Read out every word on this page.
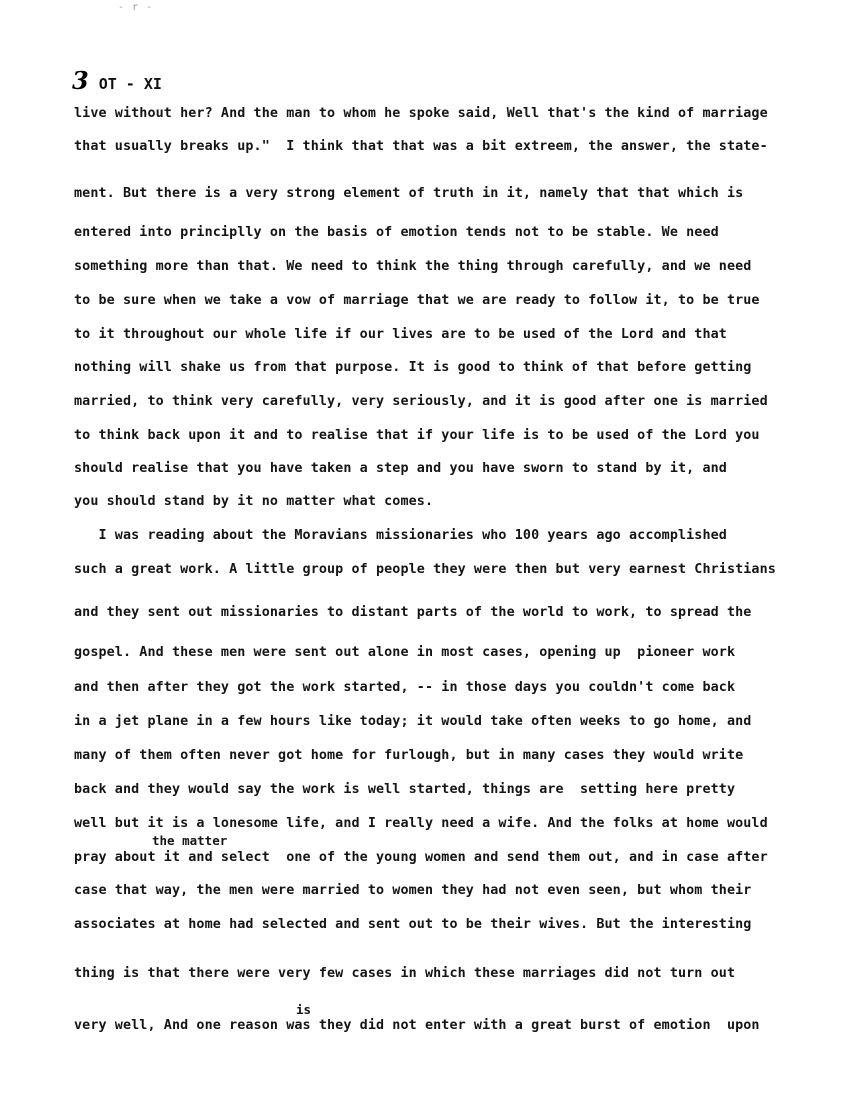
- r -
3 OT - XI
live without her? And the man to whom he spoke said, Well that's the kind of marriage
that usually breaks up."  I think that that was a bit extreem, the answer, the state-
ment. But there is a very strong element of truth in it, namely that that which is
entered into principlly on the basis of emotion tends not to be stable. We need
something more than that. We need to think the thing through carefully, and we need
to be sure when we take a vow of marriage that we are ready to follow it, to be true
to it throughout our whole life if our lives are to be used of the Lord and that
nothing will shake us from that purpose. It is good to think of that before getting
married, to think very carefully, very seriously, and it is good after one is married
to think back upon it and to realise that if your life is to be used of the Lord you
should realise that you have taken a step and you have sworn to stand by it, and
you should stand by it no matter what comes.
I was reading about the Moravians missionaries who 100 years ago accomplished
such a great work. A little group of people they were then but very earnest Christians
and they sent out missionaries to distant parts of the world to work, to spread the
gospel. And these men were sent out alone in most cases, opening up  pioneer work
and then after they got the work started, -- in those days you couldn't come back
in a jet plane in a few hours like today; it would take often weeks to go home, and
many of them often never got home for furlough, but in many cases they would write
back and they would say the work is well started, things are  setting here pretty
well but it is a lonesome life, and I really need a wife. And the folks at home would
the matter
pray about it and select  one of the young women and send them out, and in case after
case that way, the men were married to women they had not even seen, but whom their
associates at home had selected and sent out to be their wives. But the interesting
thing is that there were very few cases in which these marriages did not turn out
is
very well, And one reason was they did not enter with a great burst of emotion  upon
